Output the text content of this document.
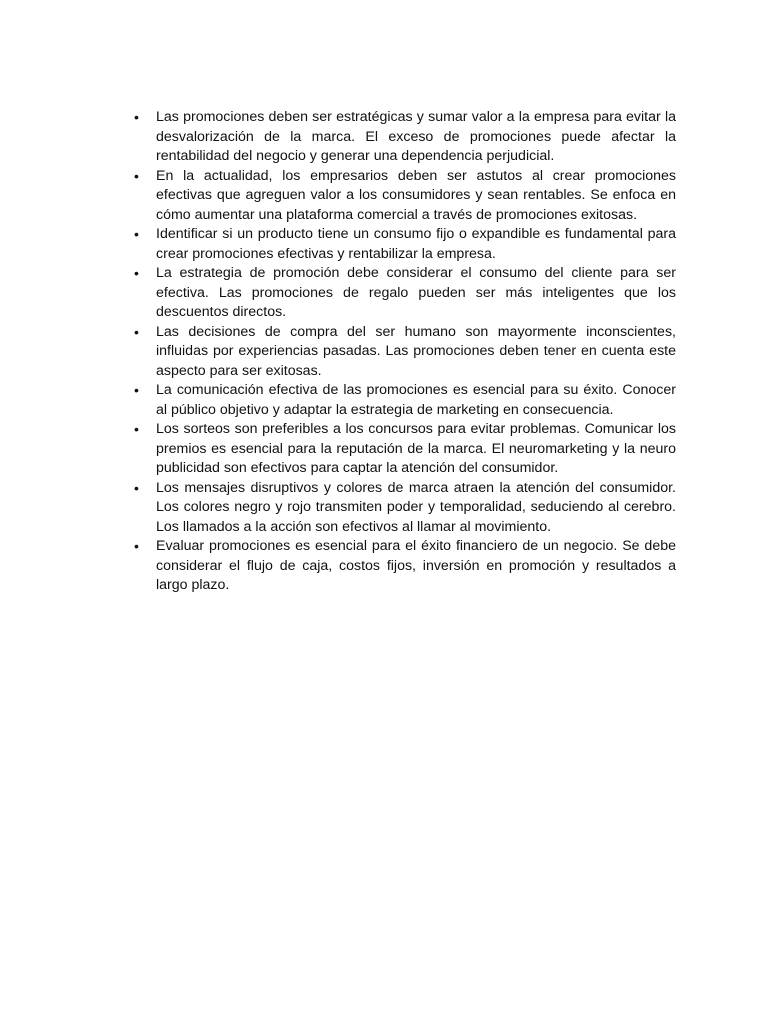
•	Las promociones deben ser estratégicas y sumar valor a la empresa para evitar la desvalorización de la marca. El exceso de promociones puede afectar la rentabilidad del negocio y generar una dependencia perjudicial.
•	En la actualidad, los empresarios deben ser astutos al crear promociones efectivas que agreguen valor a los consumidores y sean rentables. Se enfoca en cómo aumentar una plataforma comercial a través de promociones exitosas.
•	Identificar si un producto tiene un consumo fijo o expandible es fundamental para crear promociones efectivas y rentabilizar la empresa.
•	La estrategia de promoción debe considerar el consumo del cliente para ser efectiva. Las promociones de regalo pueden ser más inteligentes que los descuentos directos.
•	Las decisiones de compra del ser humano son mayormente inconscientes, influidas por experiencias pasadas. Las promociones deben tener en cuenta este aspecto para ser exitosas.
•	La comunicación efectiva de las promociones es esencial para su éxito. Conocer al público objetivo y adaptar la estrategia de marketing en consecuencia.
•	Los sorteos son preferibles a los concursos para evitar problemas. Comunicar los premios es esencial para la reputación de la marca. El neuromarketing y la neuro publicidad son efectivos para captar la atención del consumidor.
•	Los mensajes disruptivos y colores de marca atraen la atención del consumidor. Los colores negro y rojo transmiten poder y temporalidad, seduciendo al cerebro. Los llamados a la acción son efectivos al llamar al movimiento.
•	Evaluar promociones es esencial para el éxito financiero de un negocio. Se debe considerar el flujo de caja, costos fijos, inversión en promoción y resultados a largo plazo.
